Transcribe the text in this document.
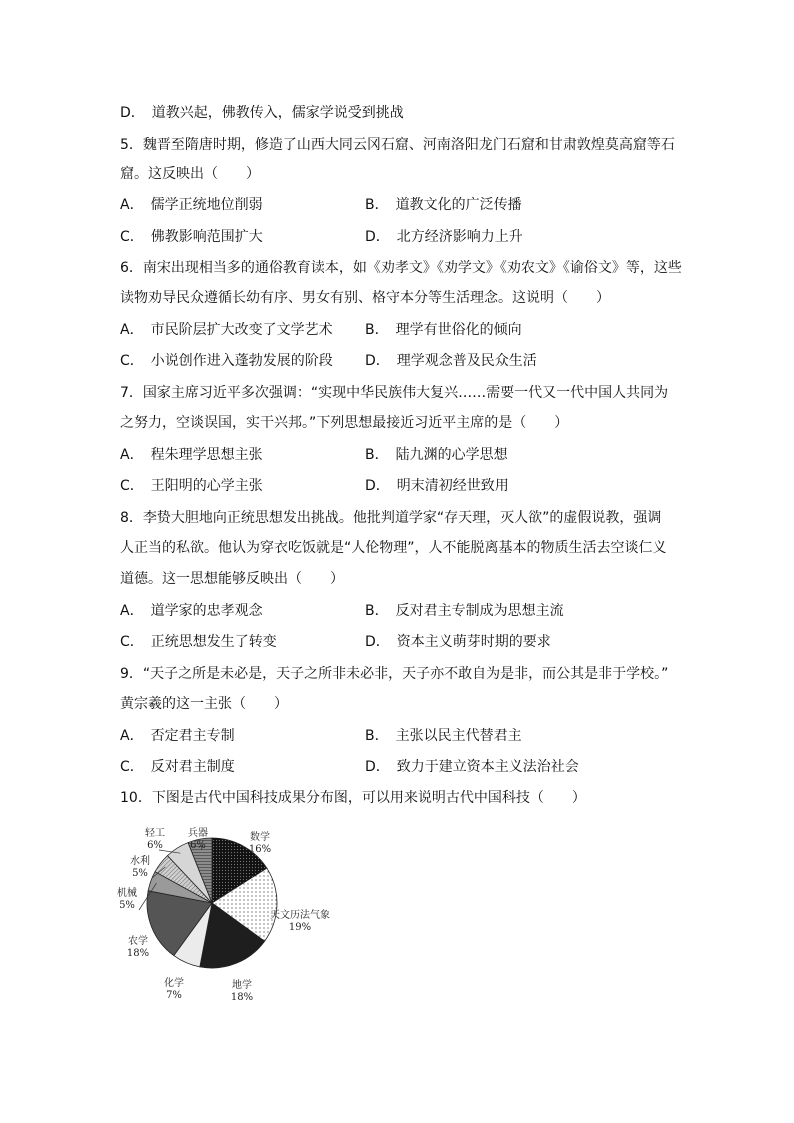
D．　道教兴起，佛教传入，儒家学说受到挑战
5．魏晋至隋唐时期，修造了山西大同云冈石窟、河南洛阳龙门石窟和甘肃敦煌莫高窟等石
窟。这反映出（　　）
A．　儒学正统地位削弱	B．　道教文化的广泛传播
C．　佛教影响范围扩大	D．　北方经济影响力上升
6．南宋出现相当多的通俗教育读本，如《劝孝文》《劝学文》《劝农文》《谕俗文》等，这些
读物劝导民众遵循长幼有序、男女有别、格守本分等生活理念。这说明（　　）
A．　市民阶层扩大改变了文学艺术 B．　理学有世俗化的倾向
C．　小说创作进入蓬勃发展的阶段 D．　理学观念普及民众生活
7．国家主席习近平多次强调：“实现中华民族伟大复兴……需要一代又一代中国人共同为
之努力，空谈误国，实干兴邦。”下列思想最接近习近平主席的是（　　）
A．　程朱理学思想主张	B．　陆九渊的心学思想
C．　王阳明的心学主张	D．　明末清初经世致用
8．李贽大胆地向正统思想发出挑战。他批判道学家“存天理，灭人欲”的虚假说教，强调
人正当的私欲。他认为穿衣吃饭就是“人伦物理”，人不能脱离基本的物质生活去空谈仁义
道德。这一思想能够反映出（　　）
A．　道学家的忠孝观念	B．　反对君主专制成为思想主流
C．　正统思想发生了转变	D．　资本主义萌芽时期的要求
9．“天子之所是未必是，天子之所非未必非，天子亦不敢自为是非，而公其是非于学校。”
黄宗羲的这一主张（　　）
A．　否定君主专制	B．　主张以民主代替君主
C．　反对君主制度	D．　致力于建立资本主义法治社会
10．下图是古代中国科技成果分布图，可以用来说明古代中国科技（　　）
数学
16%
天文历法气象
19%
地学
18%
化学
7%
农学
18%
机械
5%
水利
5%
轻工
6%
兵器
6%
